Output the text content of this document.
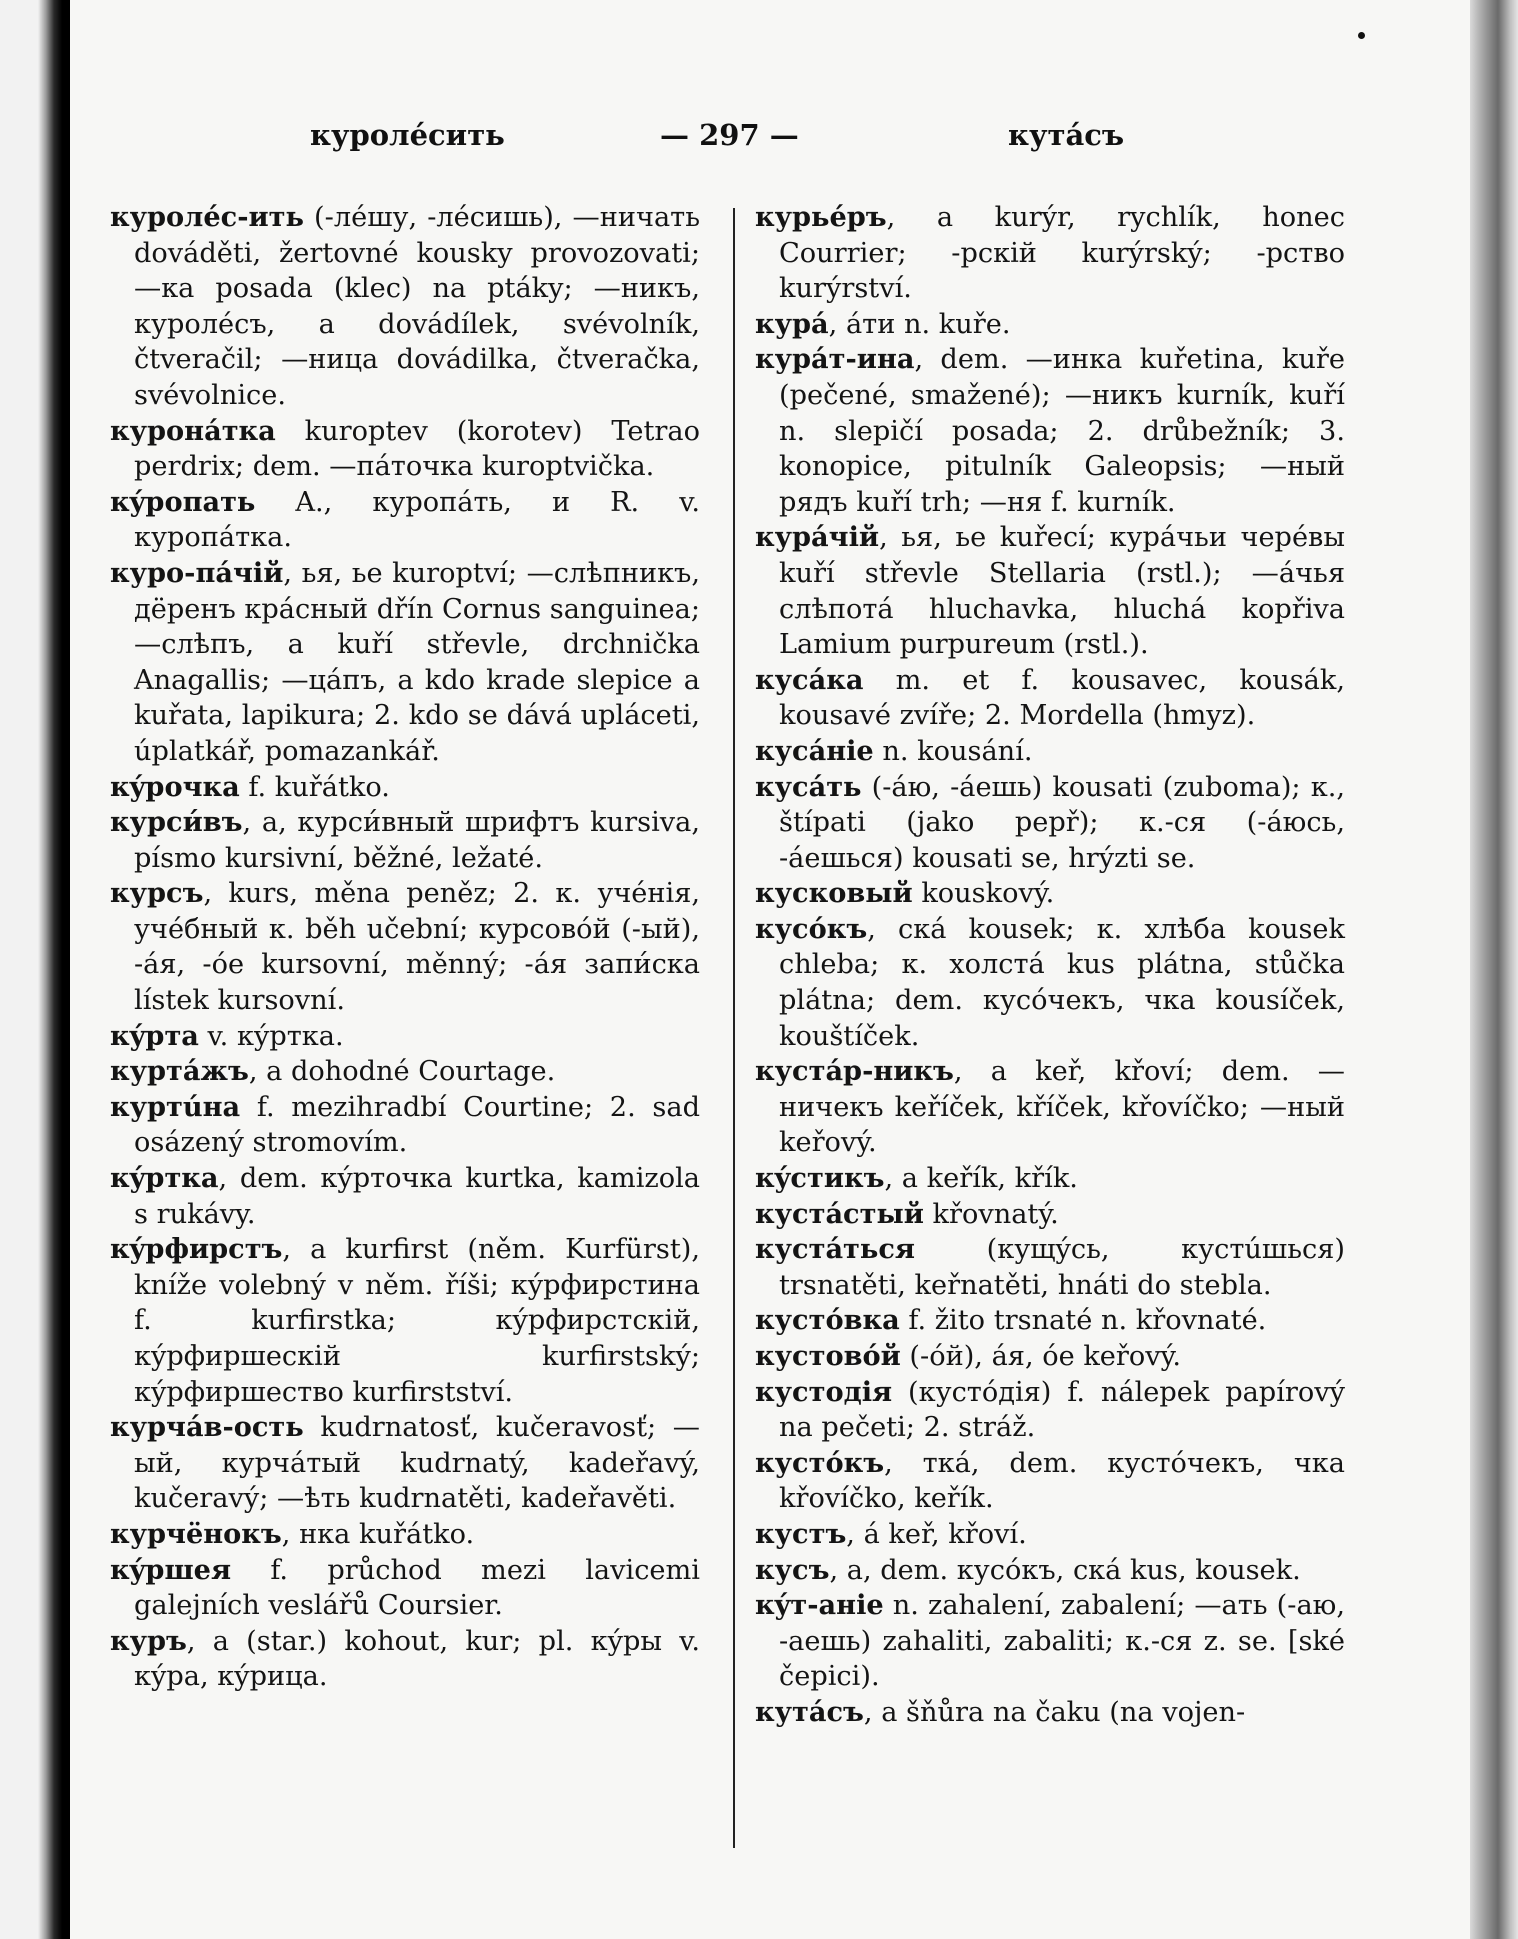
куролéсить	— 297 —	кутáсъ

куролéс-ить (-лéшу, -лéсишь), —ничать dováděti, žertovné kousky provozovati; —ка posada (klec) na ptáky; —никъ, куролéсъ, a dovádílek, svévolník, čtveračil; —ница dovádilka, čtveračka, svévolnice.

куронáтка kuroptev (korotev) Tetrao perdrix; dem. —пáточка kuroptvička.

кýропать A., куропáть, и R. v. куропáтка.

куро-пáчій, ья, ье kuroptví; —слѣпникъ, дёренъ крáсный dřín Cornus sanguinea; —слѣпъ, a kuří střevle, drchnička Anagallis; —цáпъ, a kdo krade slepice a kuřata, lapikura; 2. kdo se dává upláceti, úplatkář, pomazankář.

кýрочка f. kuřátko.

курси́въ, a, курси́вный шрифтъ kursiva, písmo kursivní, běžné, ležaté.

курсъ, kurs, měna peněz; 2. к. учéнія, учéбный к. běh učební; курсовóй (-ый), -áя, -óе kursovní, měnný; -áя запи́ска lístek kursovní.

кýрта v. кýртка.

куртáжъ, a dohodné Courtage.

куртúна f. mezihradbí Courtine; 2. sad osázený stromovím.

кýртка, dem. кýрточка kurtka, kamizola s rukávy.

кýрфирстъ, a kurfirst (něm. Kurfürst), kníže volebný v něm. říši; кýрфирстина f. kurfirstka; кýрфирстскій, кýрфиршескій kurfirstský; кýрфиршество kurfirstství.

курчáв-ость kudrnatosť, kučeravosť; —ый, курчáтый kudrnatý, kadeřavý, kučeravý; —ѣть kudrnatěti, kadeřavěti.

курчёнокъ, нка kuřátko.

кýршея f. průchod mezi lavicemi galejních veslářů Coursier.

куръ, a (star.) kohout, kur; pl. кýры v. кýра, кýрица.

курьéръ, a kurýr, rychlík, honec Courrier; -рскій kurýrský; -рство kurýrství.

курá, áти n. kuře.

курáт-ина, dem. —инка kuřetina, kuře (pečené, smažené); —никъ kurník, kuří n. slepičí posada; 2. drůbežník; 3. konopice, pitulník Galeopsis; —ный рядъ kuří trh; —ня f. kurník.

курáчій, ья, ье kuřecí; курáчьи черéвы kuří střevle Stellaria (rstl.); —áчья слѣпотá hluchavka, hluchá kopřiva Lamium purpureum (rstl.).

кусáка m. et f. kousavec, kousák, kousavé zvíře; 2. Mordella (hmyz).

кусáніе n. kousání.

кусáть (-áю, -áешь) kousati (zuboma); к., štípati (jako pepř); к.-ся (-áюсь, -áешься) kousati se, hrýzti se.

кусковый kouskový.

кусóкъ, скá kousek; к. хлѣба kousek chleba; к. холстá kus plátna, stůčka plátna; dem. кусóчекъ, чка kousíček, kouštíček.

кустáр-никъ, a keř, křoví; dem. —ничекъ keříček, kříček, křovíčko; —ный keřový.

кýстикъ, a keřík, křík.

кустáстый křovnatý.

кустáться (кущýсь, кустúшься) trsnatěti, keřnatěti, hnáti do stebla.

кустóвка f. žito trsnaté n. křovnaté.

кустовóй (-óй), áя, óе keřový.

кустодія (кустóдія) f. nálepek papírový na pečeti; 2. stráž.

кустóкъ, ткá, dem. кустóчекъ, чка křovíčko, keřík.

кустъ, á keř, křoví.

кусъ, a, dem. кусóкъ, скá kus, kousek.

кýт-аніе n. zahalení, zabalení; —ать (-аю, -аешь) zahaliti, zabaliti; к.-ся z. se. [ské čepici).

кутáсъ, a šňůra na čaku (na vojen-
